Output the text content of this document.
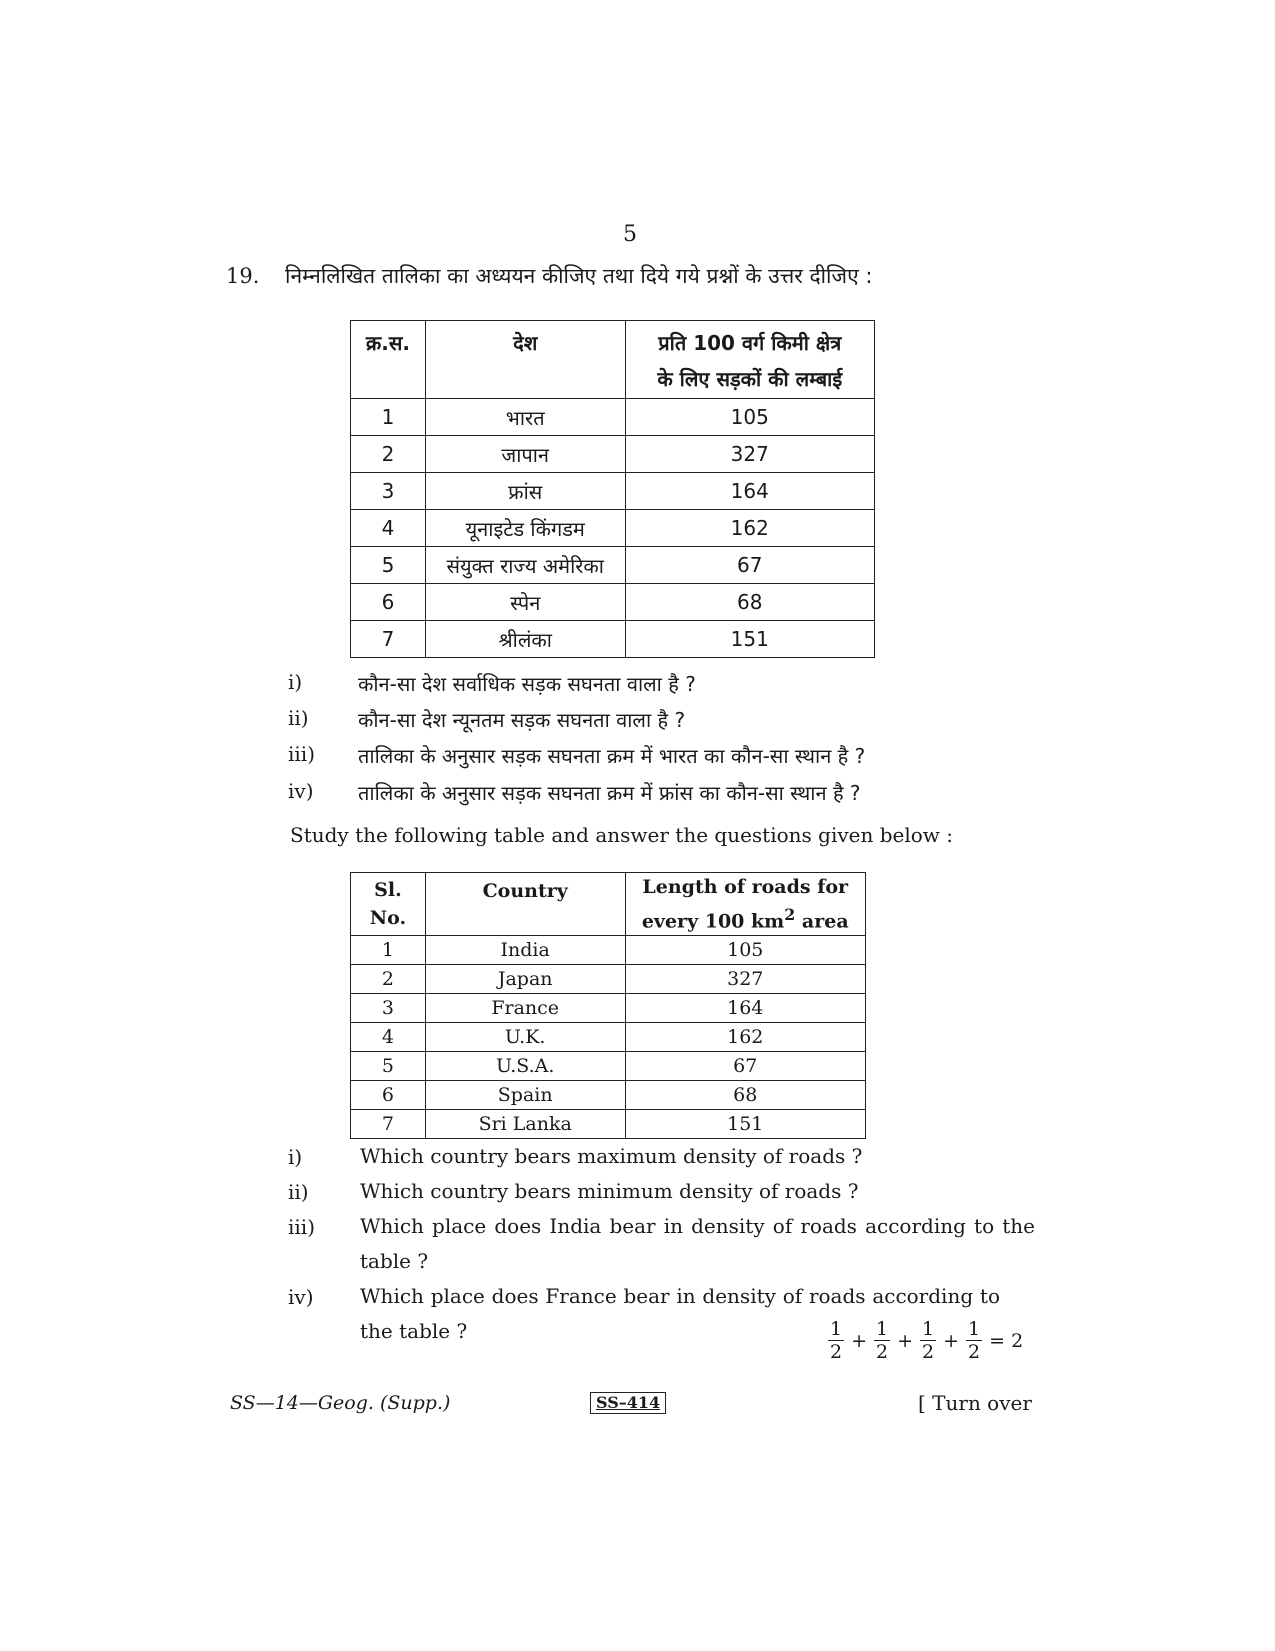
5
19. निम्नलिखित तालिका का अध्ययन कीजिए तथा दिये गये प्रश्नों के उत्तर दीजिए :
क्र.स.	देश	प्रति 100 वर्ग किमी क्षेत्र
के लिए सड़कों की लम्बाई
1	भारत	105
2	जापान	327
3	फ्रांस	164
4	यूनाइटेड किंगडम	162
5	संयुक्त राज्य अमेरिका	67
6	स्पेन	68
7	श्रीलंका	151
i)	कौन-सा देश सर्वाधिक सड़क सघनता वाला है ?
ii) कौन-सा देश न्यूनतम सड़क सघनता वाला है ?
iii) तालिका के अनुसार सड़क सघनता क्रम में भारत का कौन-सा स्थान है ?
iv) तालिका के अनुसार सड़क सघनता क्रम में फ्रांस का कौन-सा स्थान है ?
Study the following table and answer the questions given below :
Sl.
No.	Country	Length of roads for
every 100 $km^2$ area
1	India	105
2	Japan	327
3	France	164
4	U.K.	162
5	U.S.A.	67
6	Spain	68
7	Sri Lanka	151
i)	Which country bears maximum density of roads ?
ii)	Which country bears minimum density of roads ?
iii) Which place does India bear in density of roads according to the table ?
iv) Which place does France bear in density of roads according to the table ?	$\frac{1}{2} + \frac{1}{2} + \frac{1}{2} + \frac{1}{2} = 2$
SS—14—Geog. (Supp.)	SS–414	[ Turn over
